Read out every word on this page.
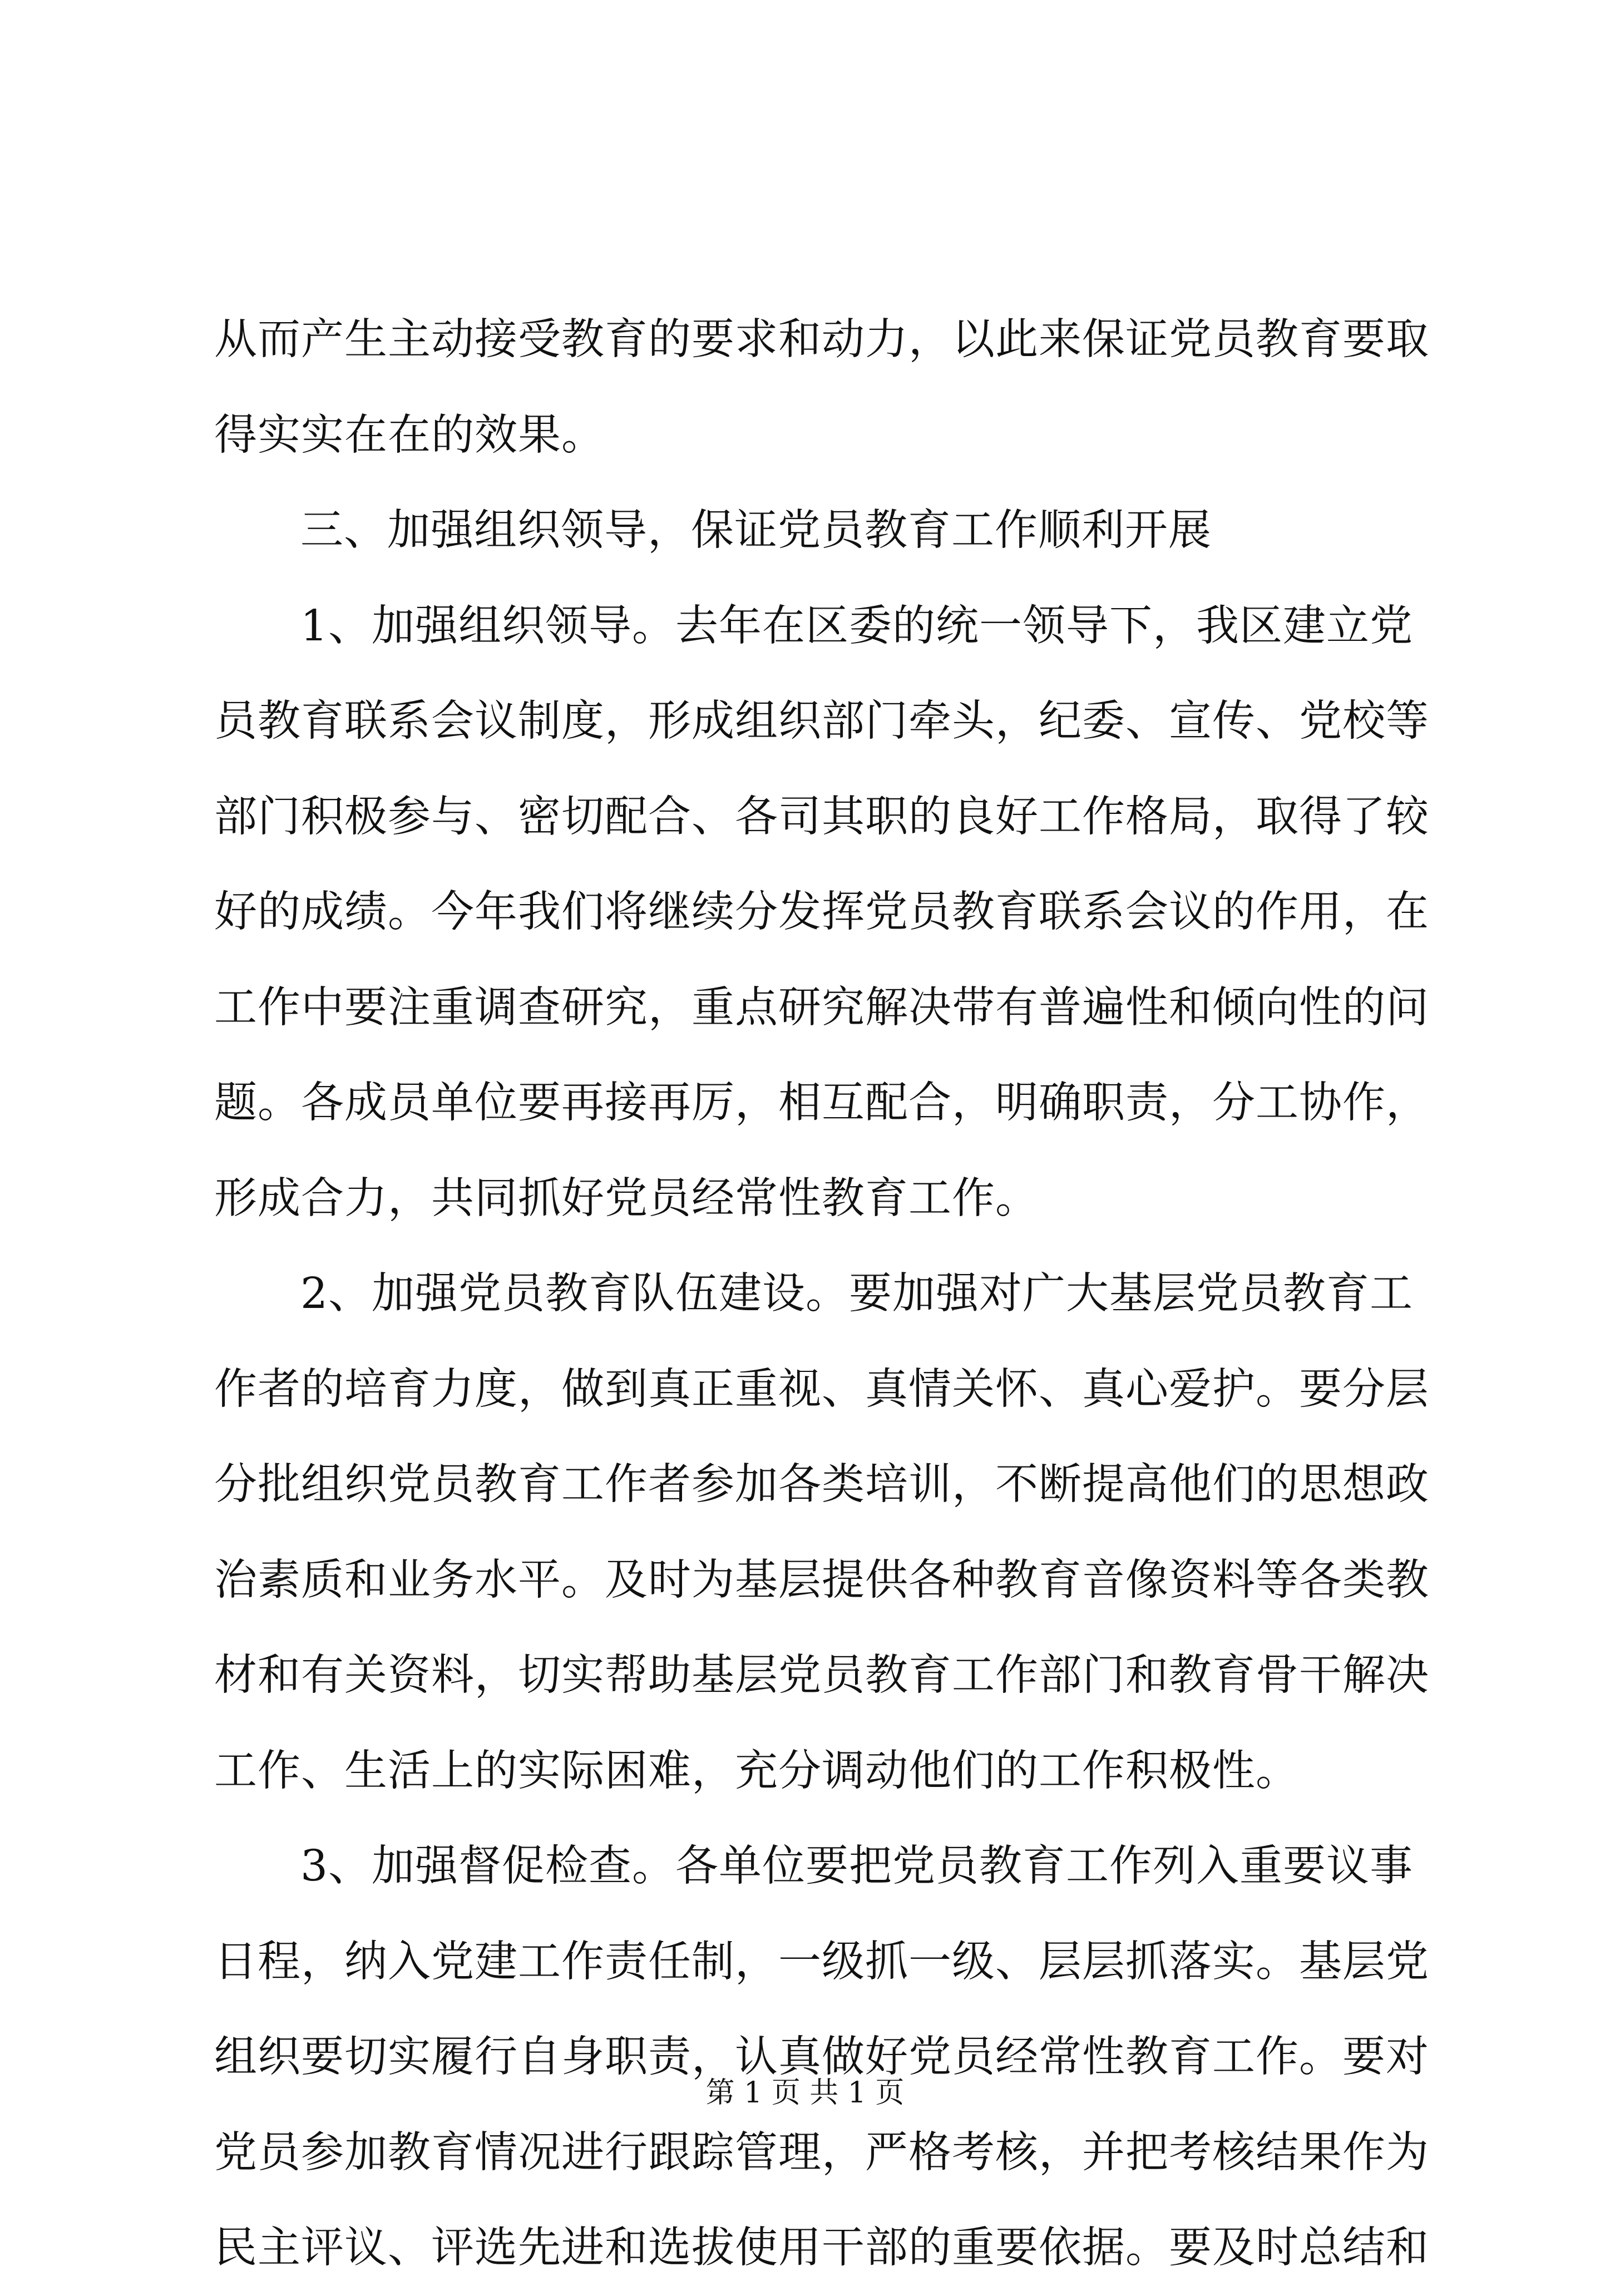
从而产生主动接受教育的要求和动力，以此来保证党员教育要取
得实实在在的效果。
三、加强组织领导，保证党员教育工作顺利开展
1、加强组织领导。去年在区委的统一领导下，我区建立党
员教育联系会议制度，形成组织部门牵头，纪委、宣传、党校等
部门积极参与、密切配合、各司其职的良好工作格局，取得了较
好的成绩。今年我们将继续分发挥党员教育联系会议的作用，在
工作中要注重调查研究，重点研究解决带有普遍性和倾向性的问
题。各成员单位要再接再厉，相互配合，明确职责，分工协作，
形成合力，共同抓好党员经常性教育工作。
2、加强党员教育队伍建设。要加强对广大基层党员教育工
作者的培育力度，做到真正重视、真情关怀、真心爱护。要分层
分批组织党员教育工作者参加各类培训，不断提高他们的思想政
治素质和业务水平。及时为基层提供各种教育音像资料等各类教
材和有关资料，切实帮助基层党员教育工作部门和教育骨干解决
工作、生活上的实际困难，充分调动他们的工作积极性。
3、加强督促检查。各单位要把党员教育工作列入重要议事
日程，纳入党建工作责任制，一级抓一级、层层抓落实。基层党
组织要切实履行自身职责，认真做好党员经常性教育工作。要对
党员参加教育情况进行跟踪管理，严格考核，并把考核结果作为
民主评议、评选先进和选拔使用干部的重要依据。要及时总结和
第 1 页 共 1 页
